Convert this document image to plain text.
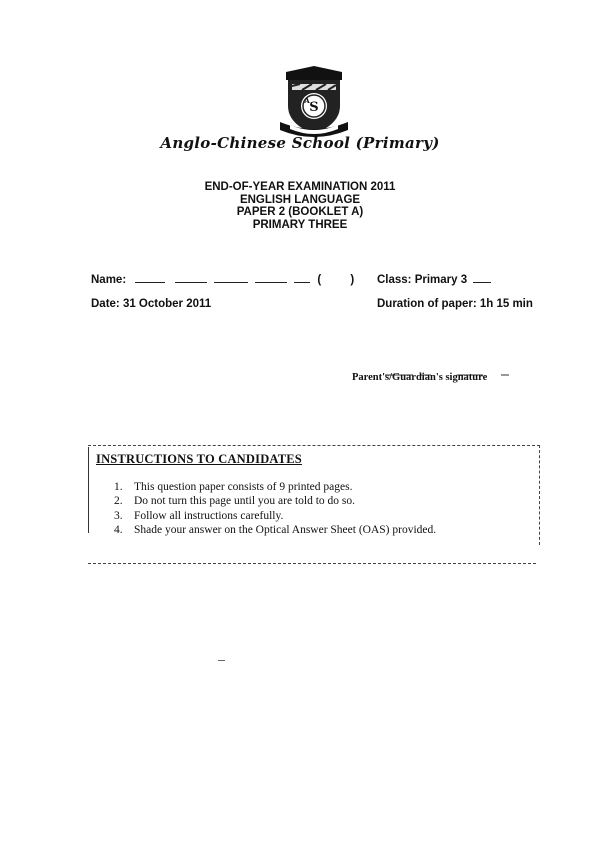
S
A
Anglo-Chinese School (Primary)
END-OF-YEAR EXAMINATION 2011
ENGLISH LANGUAGE
PAPER 2 (BOOKLET A)
PRIMARY THREE
Name:	(	) Class: Primary 3
Date: 31 October 2011	Duration of paper: 1h 15 min
Parent's/Guardian's signature
INSTRUCTIONS TO CANDIDATES
1. This question paper consists of 9 printed pages.
2. Do not turn this page until you are told to do so.
3. Follow all instructions carefully.
4. Shade your answer on the Optical Answer Sheet (OAS) provided.
